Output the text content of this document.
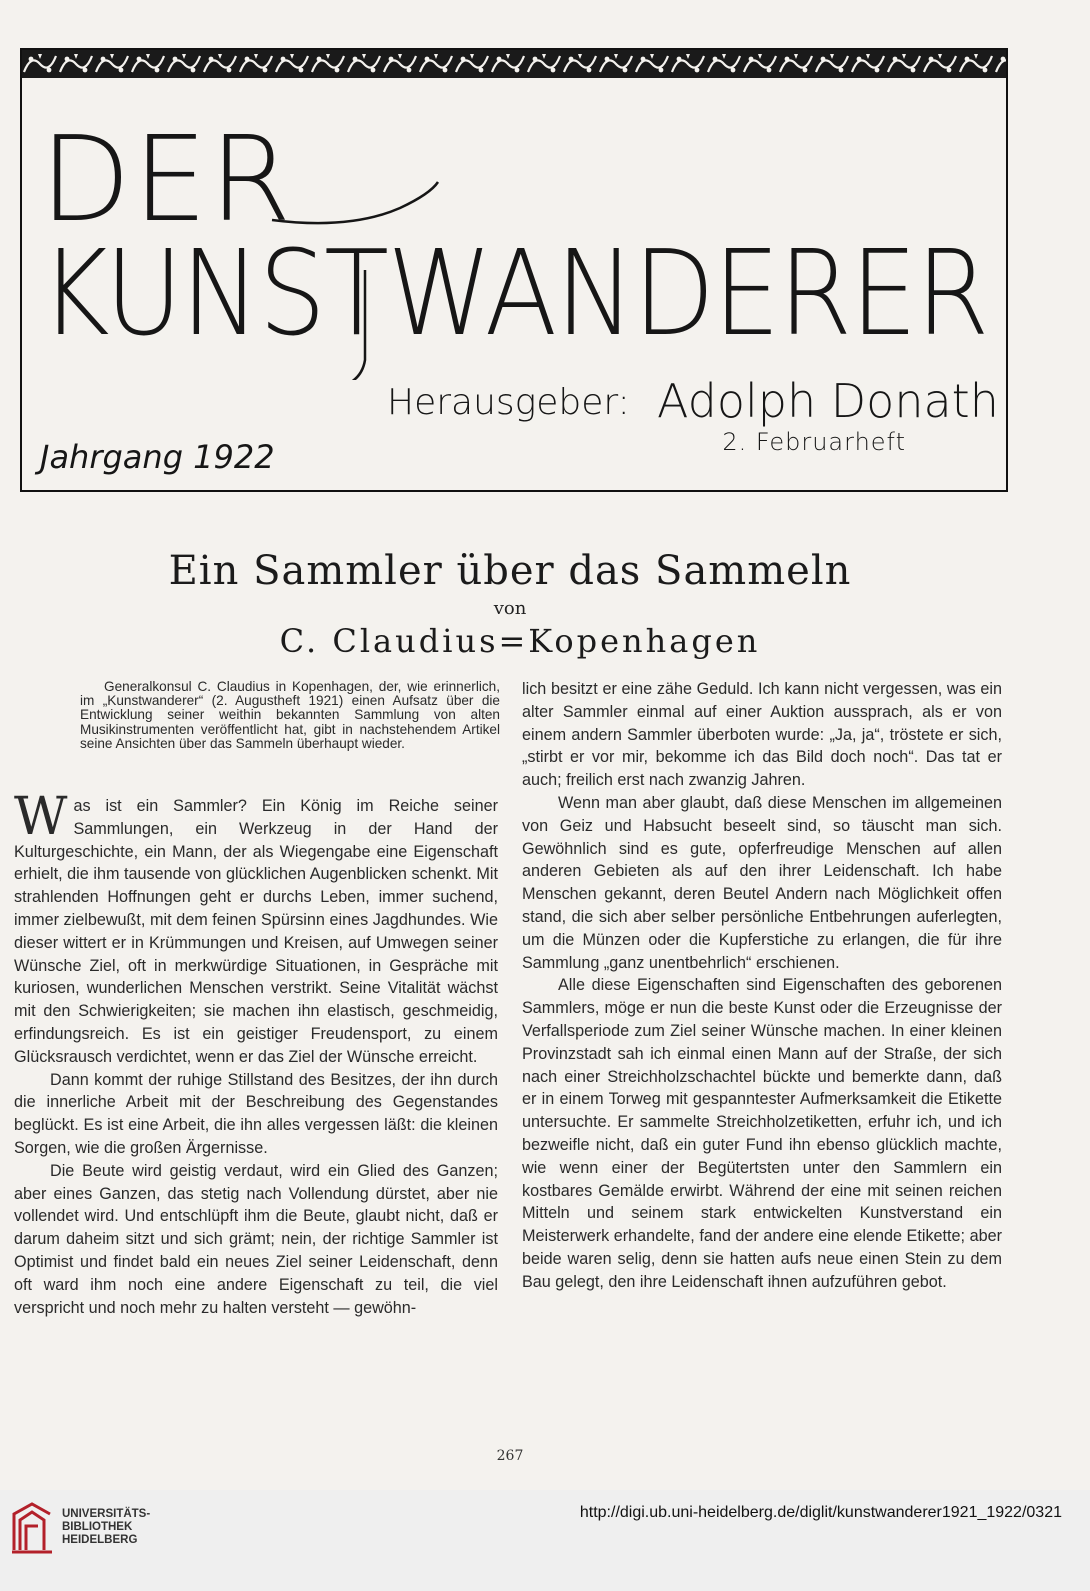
DER
KUNSTWANDERER
Herausgeber: Adolph Donath
Jahrgang 1922	2. Februarheft
Ein Sammler über das Sammeln
von
C. Claudius=Kopenhagen

Generalkonsul C. Claudius in Kopenhagen, der, wie erinnerlich, im „Kunstwanderer“ (2. Augustheft 1921) einen Aufsatz über die Entwicklung seiner weithin bekannten Sammlung von alten Musikinstrumenten veröffentlicht hat, gibt in nachstehendem Artikel seine Ansichten über das Sammeln überhaupt wieder.

Was ist ein Sammler? Ein König im Reiche seiner Sammlungen, ein Werkzeug in der Hand der Kulturgeschichte, ein Mann, der als Wiegengabe eine Eigenschaft erhielt, die ihm tausende von glücklichen Augenblicken schenkt. Mit strahlenden Hoffnungen geht er durchs Leben, immer suchend, immer zielbewußt, mit dem feinen Spürsinn eines Jagdhundes. Wie dieser wittert er in Krümmungen und Kreisen, auf Umwegen seiner Wünsche Ziel, oft in merkwürdige Situationen, in Gespräche mit kuriosen, wunderlichen Menschen verstrikt. Seine Vitalität wächst mit den Schwierigkeiten; sie machen ihn elastisch, geschmeidig, erfindungsreich. Es ist ein geistiger Freudensport, zu einem Glücksrausch verdichtet, wenn er das Ziel der Wünsche erreicht.

Dann kommt der ruhige Stillstand des Besitzes, der ihn durch die innerliche Arbeit mit der Beschreibung des Gegenstandes beglückt. Es ist eine Arbeit, die ihn alles vergessen läßt: die kleinen Sorgen, wie die großen Ärgernisse.

Die Beute wird geistig verdaut, wird ein Glied des Ganzen; aber eines Ganzen, das stetig nach Vollendung dürstet, aber nie vollendet wird. Und entschlüpft ihm die Beute, glaubt nicht, daß er darum daheim sitzt und sich grämt; nein, der richtige Sammler ist Optimist und findet bald ein neues Ziel seiner Leidenschaft, denn oft ward ihm noch eine andere Eigenschaft zu teil, die viel verspricht und noch mehr zu halten versteht — gewöhn-

lich besitzt er eine zähe Geduld. Ich kann nicht vergessen, was ein alter Sammler einmal auf einer Auktion aussprach, als er von einem andern Sammler überboten wurde: „Ja, ja“, tröstete er sich, „stirbt er vor mir, bekomme ich das Bild doch noch“. Das tat er auch; freilich erst nach zwanzig Jahren.

Wenn man aber glaubt, daß diese Menschen im allgemeinen von Geiz und Habsucht beseelt sind, so täuscht man sich. Gewöhnlich sind es gute, opferfreudige Menschen auf allen anderen Gebieten als auf den ihrer Leidenschaft. Ich habe Menschen gekannt, deren Beutel Andern nach Möglichkeit offen stand, die sich aber selber persönliche Entbehrungen auferlegten, um die Münzen oder die Kupferstiche zu erlangen, die für ihre Sammlung „ganz unentbehrlich“ erschienen.

Alle diese Eigenschaften sind Eigenschaften des geborenen Sammlers, möge er nun die beste Kunst oder die Erzeugnisse der Verfallsperiode zum Ziel seiner Wünsche machen. In einer kleinen Provinzstadt sah ich einmal einen Mann auf der Straße, der sich nach einer Streichholzschachtel bückte und bemerkte dann, daß er in einem Torweg mit gespanntester Aufmerksamkeit die Etikette untersuchte. Er sammelte Streichholzetiketten, erfuhr ich, und ich bezweifle nicht, daß ein guter Fund ihn ebenso glücklich machte, wie wenn einer der Begütertsten unter den Sammlern ein kostbares Gemälde erwirbt. Während der eine mit seinen reichen Mitteln und seinem stark entwickelten Kunstverstand ein Meisterwerk erhandelte, fand der andere eine elende Etikette; aber beide waren selig, denn sie hatten aufs neue einen Stein zu dem Bau gelegt, den ihre Leidenschaft ihnen aufzuführen gebot.

267
UNIVERSITÄTS-
BIBLIOTHEK
HEIDELBERG
http://digi.ub.uni-heidelberg.de/diglit/kunstwanderer1921_1922/0321
